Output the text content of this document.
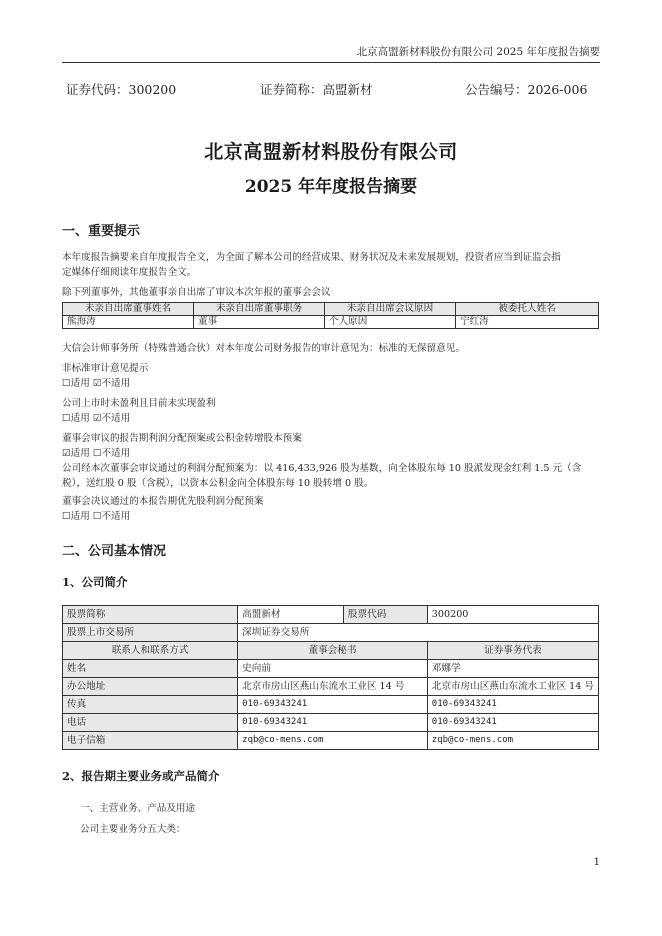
北京高盟新材料股份有限公司 2025 年年度报告摘要
证券代码：300200	证券简称：高盟新材	公告编号：2026-006
北京高盟新材料股份有限公司
2025 年年度报告摘要
一、重要提示
本年度报告摘要来自年度报告全文，为全面了解本公司的经营成果、财务状况及未来发展规划，投资者应当到证监会指
定媒体仔细阅读年度报告全文。
除下列董事外，其他董事亲自出席了审议本次年报的董事会会议
未亲自出席董事姓名	未亲自出席董事职务	未亲自出席会议原因	被委托人姓名
熊海涛	董事	个人原因	宁红涛
大信会计师事务所（特殊普通合伙）对本年度公司财务报告的审计意见为：标准的无保留意见。
非标准审计意见提示
☐适用 ☑不适用
公司上市时未盈利且目前未实现盈利
☐适用 ☑不适用
董事会审议的报告期利润分配预案或公积金转增股本预案
☑适用 ☐不适用
公司经本次董事会审议通过的利润分配预案为：以 416,433,926 股为基数，向全体股东每 10 股派发现金红利 1.5 元（含
税），送红股 0 股（含税），以资本公积金向全体股东每 10 股转增 0 股。
董事会决议通过的本报告期优先股利润分配预案
☐适用 ☐不适用
二、公司基本情况
1、公司简介
股票简称	高盟新材	股票代码	300200
股票上市交易所	深圳证券交易所		
联系人和联系方式	董事会秘书		证券事务代表
姓名	史向前		邓娜学
办公地址	北京市房山区燕山东流水工业区 14 号		北京市房山区燕山东流水工业区 14 号
传真	010-69343241		010-69343241
电话	010-69343241		010-69343241
电子信箱	zqb@co-mens.com		zqb@co-mens.com
2、报告期主要业务或产品简介
一、主营业务、产品及用途
公司主要业务分五大类：
1
